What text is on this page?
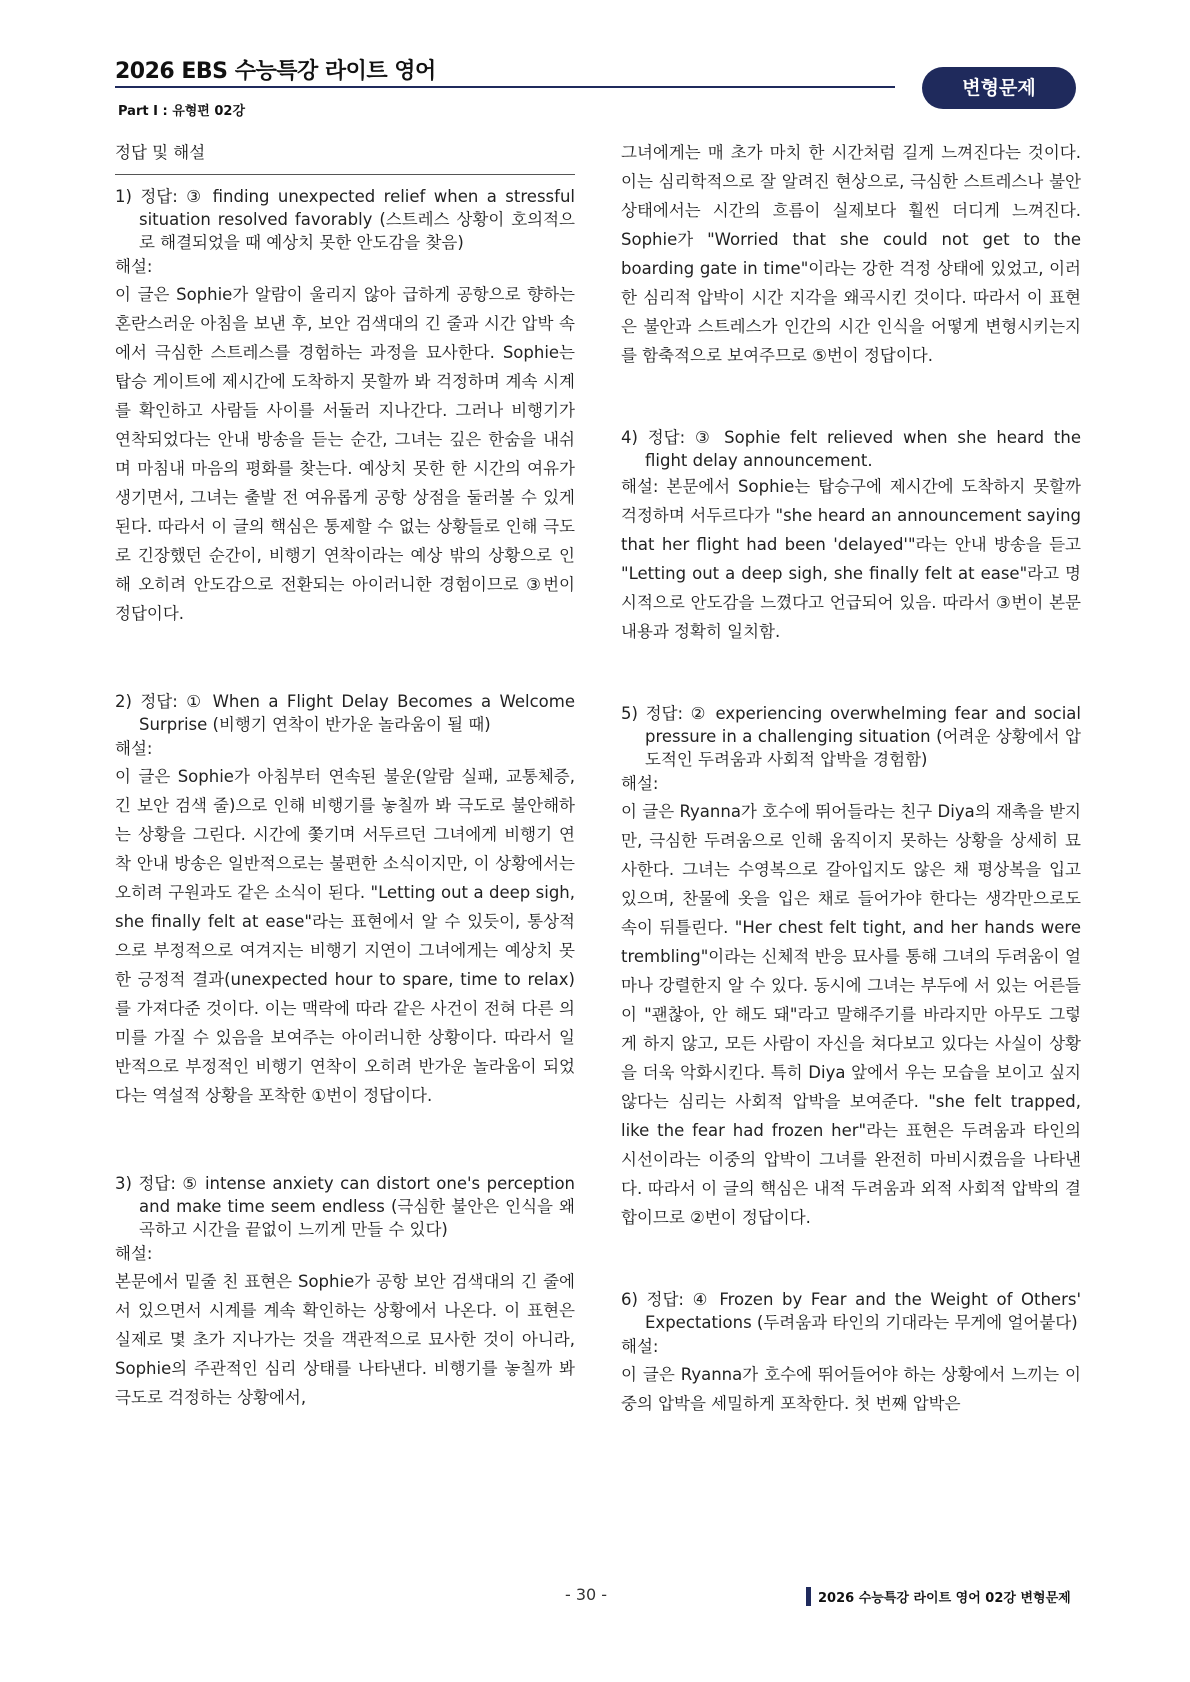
2026 EBS 수능특강 라이트 영어
Part Ⅰ : 유형편 02강
변형문제
정답 및 해설

1) 정답: ③ finding unexpected relief when a stressful situation resolved favorably (스트레스 상황이 호의적으로 해결되었을 때 예상치 못한 안도감을 찾음)

해설:

이 글은 Sophie가 알람이 울리지 않아 급하게 공항으로 향하는 혼란스러운 아침을 보낸 후, 보안 검색대의 긴 줄과 시간 압박 속에서 극심한 스트레스를 경험하는 과정을 묘사한다. Sophie는 탑승 게이트에 제시간에 도착하지 못할까 봐 걱정하며 계속 시계를 확인하고 사람들 사이를 서둘러 지나간다. 그러나 비행기가 연착되었다는 안내 방송을 듣는 순간, 그녀는 깊은 한숨을 내쉬며 마침내 마음의 평화를 찾는다. 예상치 못한 한 시간의 여유가 생기면서, 그녀는 출발 전 여유롭게 공항 상점을 둘러볼 수 있게 된다. 따라서 이 글의 핵심은 통제할 수 없는 상황들로 인해 극도로 긴장했던 순간이, 비행기 연착이라는 예상 밖의 상황으로 인해 오히려 안도감으로 전환되는 아이러니한 경험이므로 ③번이 정답이다.

2) 정답: ① When a Flight Delay Becomes a Welcome Surprise (비행기 연착이 반가운 놀라움이 될 때)

해설:

이 글은 Sophie가 아침부터 연속된 불운(알람 실패, 교통체증, 긴 보안 검색 줄)으로 인해 비행기를 놓칠까 봐 극도로 불안해하는 상황을 그린다. 시간에 쫓기며 서두르던 그녀에게 비행기 연착 안내 방송은 일반적으로는 불편한 소식이지만, 이 상황에서는 오히려 구원과도 같은 소식이 된다. "Letting out a deep sigh, she finally felt at ease"라는 표현에서 알 수 있듯이, 통상적으로 부정적으로 여겨지는 비행기 지연이 그녀에게는 예상치 못한 긍정적 결과(unexpected hour to spare, time to relax)를 가져다준 것이다. 이는 맥락에 따라 같은 사건이 전혀 다른 의미를 가질 수 있음을 보여주는 아이러니한 상황이다. 따라서 일반적으로 부정적인 비행기 연착이 오히려 반가운 놀라움이 되었다는 역설적 상황을 포착한 ①번이 정답이다.

3) 정답: ⑤ intense anxiety can distort one's perception and make time seem endless (극심한 불안은 인식을 왜곡하고 시간을 끝없이 느끼게 만들 수 있다)

해설:

본문에서 밑줄 친 표현은 Sophie가 공항 보안 검색대의 긴 줄에 서 있으면서 시계를 계속 확인하는 상황에서 나온다. 이 표현은 실제로 몇 초가 지나가는 것을 객관적으로 묘사한 것이 아니라, Sophie의 주관적인 심리 상태를 나타낸다. 비행기를 놓칠까 봐 극도로 걱정하는 상황에서,

그녀에게는 매 초가 마치 한 시간처럼 길게 느껴진다는 것이다. 이는 심리학적으로 잘 알려진 현상으로, 극심한 스트레스나 불안 상태에서는 시간의 흐름이 실제보다 훨씬 더디게 느껴진다. Sophie가 "Worried that she could not get to the boarding gate in time"이라는 강한 걱정 상태에 있었고, 이러한 심리적 압박이 시간 지각을 왜곡시킨 것이다. 따라서 이 표현은 불안과 스트레스가 인간의 시간 인식을 어떻게 변형시키는지를 함축적으로 보여주므로 ⑤번이 정답이다.

4) 정답: ③ Sophie felt relieved when she heard the flight delay announcement.

해설: 본문에서 Sophie는 탑승구에 제시간에 도착하지 못할까 걱정하며 서두르다가 "she heard an announcement saying that her flight had been 'delayed'"라는 안내 방송을 듣고 "Letting out a deep sigh, she finally felt at ease"라고 명시적으로 안도감을 느꼈다고 언급되어 있음. 따라서 ③번이 본문 내용과 정확히 일치함.

5) 정답: ② experiencing overwhelming fear and social pressure in a challenging situation (어려운 상황에서 압도적인 두려움과 사회적 압박을 경험함)

해설:

이 글은 Ryanna가 호수에 뛰어들라는 친구 Diya의 재촉을 받지만, 극심한 두려움으로 인해 움직이지 못하는 상황을 상세히 묘사한다. 그녀는 수영복으로 갈아입지도 않은 채 평상복을 입고 있으며, 찬물에 옷을 입은 채로 들어가야 한다는 생각만으로도 속이 뒤틀린다. "Her chest felt tight, and her hands were trembling"이라는 신체적 반응 묘사를 통해 그녀의 두려움이 얼마나 강렬한지 알 수 있다. 동시에 그녀는 부두에 서 있는 어른들이 "괜찮아, 안 해도 돼"라고 말해주기를 바라지만 아무도 그렇게 하지 않고, 모든 사람이 자신을 쳐다보고 있다는 사실이 상황을 더욱 악화시킨다. 특히 Diya 앞에서 우는 모습을 보이고 싶지 않다는 심리는 사회적 압박을 보여준다. "she felt trapped, like the fear had frozen her"라는 표현은 두려움과 타인의 시선이라는 이중의 압박이 그녀를 완전히 마비시켰음을 나타낸다. 따라서 이 글의 핵심은 내적 두려움과 외적 사회적 압박의 결합이므로 ②번이 정답이다.

6) 정답: ④ Frozen by Fear and the Weight of Others' Expectations (두려움과 타인의 기대라는 무게에 얼어붙다)

해설:

이 글은 Ryanna가 호수에 뛰어들어야 하는 상황에서 느끼는 이중의 압박을 세밀하게 포착한다. 첫 번째 압박은

- 30 -	2026 수능특강 라이트 영어 02강 변형문제
